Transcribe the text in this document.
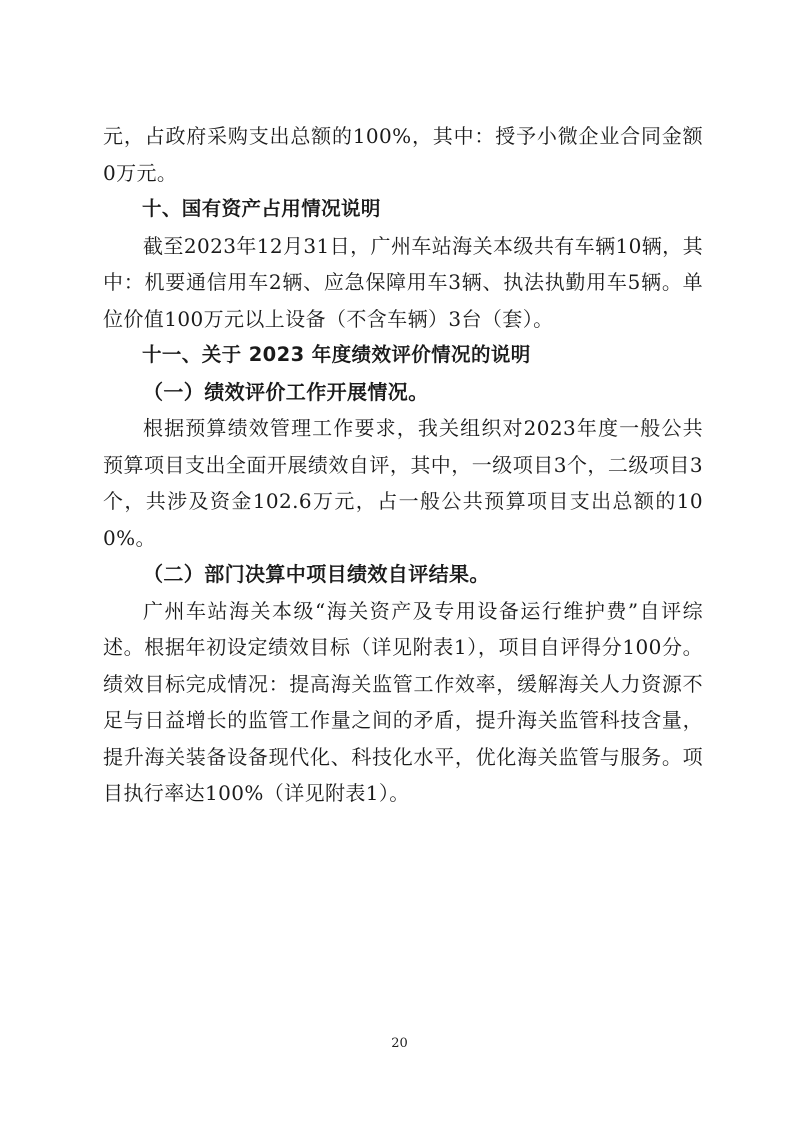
元，占政府采购支出总额的100%，其中：授予小微企业合同金额0万元。

十、国有资产占用情况说明

截至2023年12月31日，广州车站海关本级共有车辆10辆，其中：机要通信用车2辆、应急保障用车3辆、执法执勤用车5辆。单位价值100万元以上设备（不含车辆）3台（套）。

十一、关于 2023 年度绩效评价情况的说明

（一）绩效评价工作开展情况。

根据预算绩效管理工作要求，我关组织对2023年度一般公共预算项目支出全面开展绩效自评，其中，一级项目3个，二级项目3个，共涉及资金102.6万元，占一般公共预算项目支出总额的100%。

（二）部门决算中项目绩效自评结果。

广州车站海关本级“海关资产及专用设备运行维护费”自评综述。根据年初设定绩效目标（详见附表1），项目自评得分100分。绩效目标完成情况：提高海关监管工作效率，缓解海关人力资源不足与日益增长的监管工作量之间的矛盾，提升海关监管科技含量，提升海关装备设备现代化、科技化水平，优化海关监管与服务。项目执行率达100%（详见附表1）。

20
